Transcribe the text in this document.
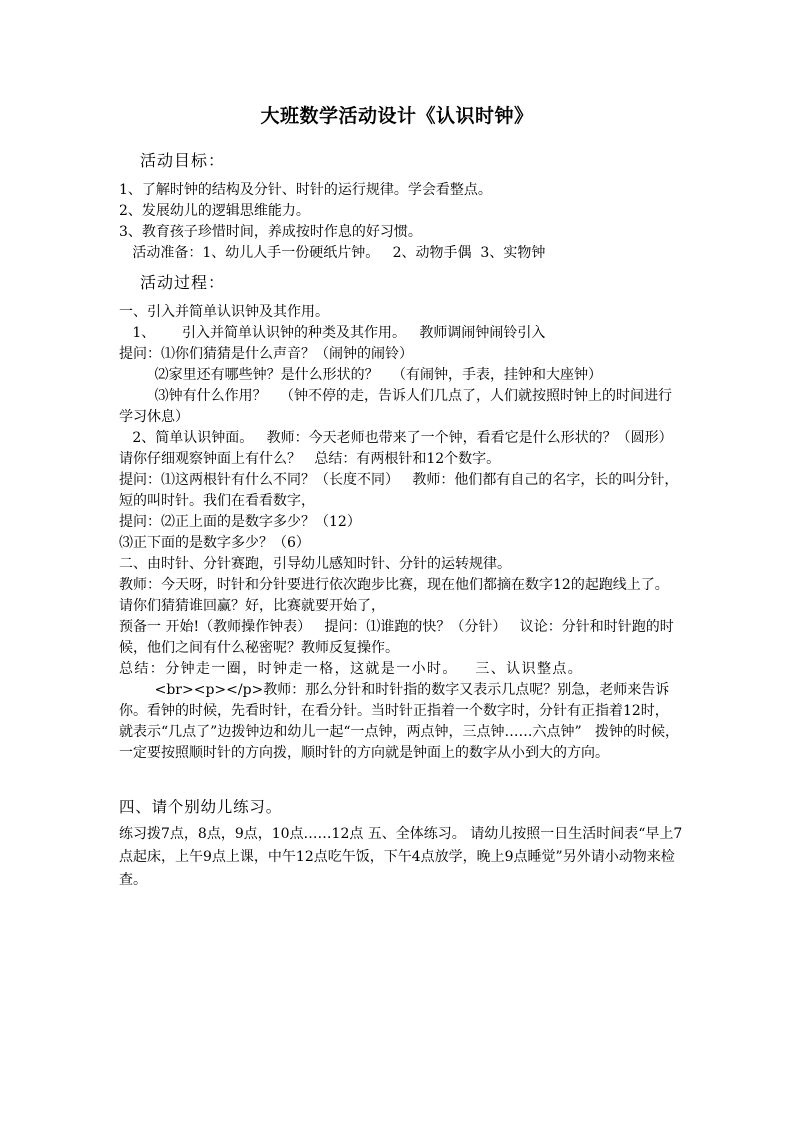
大班数学活动设计《认识时钟》
活动目标：

1、了解时钟的结构及分针、时针的运行规律。学会看整点。

2、发展幼儿的逻辑思维能力。

3、教育孩子珍惜时间，养成按时作息的好习惯。

活动准备：1、幼儿人手一份硬纸片钟。   2、动物手偶  3、实物钟

活动过程：

一、引入并简单认识钟及其作用。

1、      引入并简单认识钟的种类及其作用。   教师调闹钟闹铃引入

提问：⑴你们猜猜是什么声音？（闹钟的闹铃）

⑵家里还有哪些钟？是什么形状的？   （有闹钟，手表，挂钟和大座钟）

⑶钟有什么作用？   （钟不停的走，告诉人们几点了，人们就按照时钟上的时间进行学习休息）

2、简单认识钟面。   教师：今天老师也带来了一个钟，看看它是什么形状的？（圆形）请你仔细观察钟面上有什么？   总结：有两根针和12个数字。

提问：⑴这两根针有什么不同？（长度不同）   教师：他们都有自己的名字，长的叫分针，短的叫时针。我们在看看数字，

提问：⑵正上面的是数字多少？（12）

⑶正下面的是数字多少？（6）

二、由时针、分针赛跑，引导幼儿感知时针、分针的运转规律。

教师：今天呀，时针和分针要进行依次跑步比赛，现在他们都摘在数字12的起跑线上了。请你们猜猜谁回赢？好，比赛就要开始了，

预备一 开始!（教师操作钟表）   提问：⑴谁跑的快？（分针）   议论：分针和时针跑的时候，他们之间有什么秘密呢？教师反复操作。

总结：分钟走一圈，时钟走一格，这就是一小时。   三、认识整点。

<br><p></p>教师：那么分针和时针指的数字又表示几点呢？别急，老师来告诉你。看钟的时候，先看时针，在看分针。当时针正指着一个数字时，分针有正指着12时，就表示“几点了”边拨钟边和幼儿一起“一点钟，两点钟，三点钟……六点钟”   拨钟的时候，一定要按照顺时针的方向拨，顺时针的方向就是钟面上的数字从小到大的方向。

四、请个别幼儿练习。

练习拨7点，8点，9点，10点……12点 五、全体练习。 请幼儿按照一日生活时间表“早上7点起床，上午9点上课，中午12点吃午饭，下午4点放学，晚上9点睡觉”另外请小动物来检查。
